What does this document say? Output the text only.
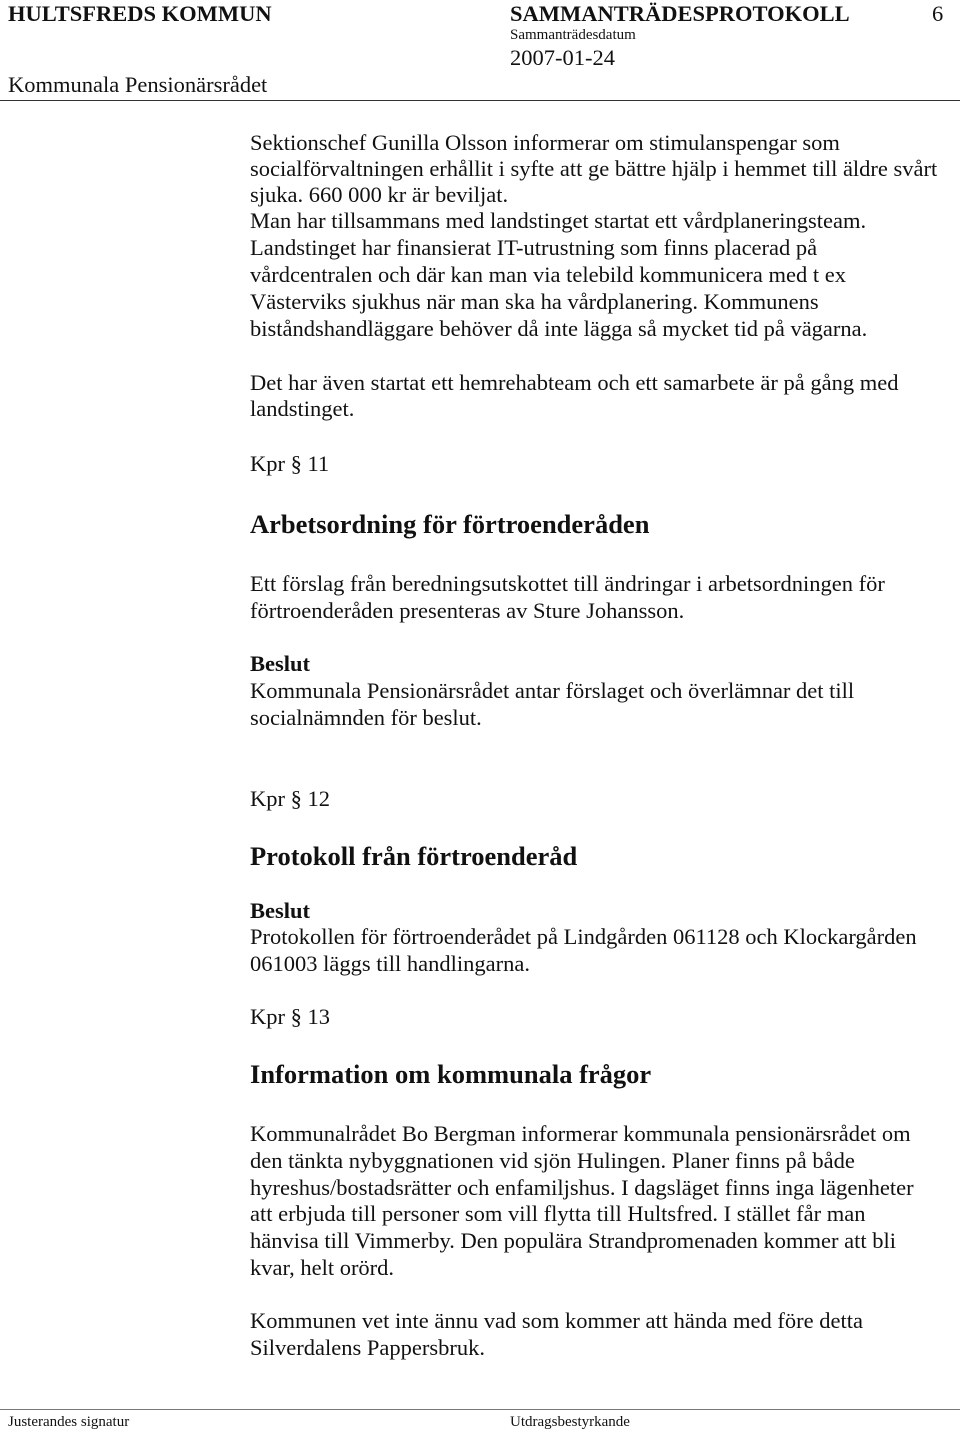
HULTSFREDS KOMMUN	SAMMANTRÄDESPROTOKOLL	6
Sammanträdesdatum
2007-01-24
Kommunala Pensionärsrådet
Sektionschef Gunilla Olsson informerar om stimulanspengar som
socialförvaltningen erhållit i syfte att ge bättre hjälp i hemmet till äldre svårt
sjuka. 660 000 kr är beviljat.
Man har tillsammans med landstinget startat ett vårdplaneringsteam.
Landstinget har finansierat IT-utrustning som finns placerad på
vårdcentralen och där kan man via telebild kommunicera med t ex
Västerviks sjukhus när man ska ha vårdplanering. Kommunens
biståndshandläggare behöver då inte lägga så mycket tid på vägarna.
Det har även startat ett hemrehabteam och ett samarbete är på gång med
landstinget.
Kpr § 11
Arbetsordning för förtroenderåden
Ett förslag från beredningsutskottet till ändringar i arbetsordningen för
förtroenderåden presenteras av Sture Johansson.
Beslut
Kommunala Pensionärsrådet antar förslaget och överlämnar det till
socialnämnden för beslut.
Kpr § 12
Protokoll från förtroenderåd
Beslut
Protokollen för förtroenderådet på Lindgården 061128 och Klockargården
061003 läggs till handlingarna.
Kpr § 13
Information om kommunala frågor
Kommunalrådet Bo Bergman informerar kommunala pensionärsrådet om
den tänkta nybyggnationen vid sjön Hulingen. Planer finns på både
hyreshus/bostadsrätter och enfamiljshus. I dagsläget finns inga lägenheter
att erbjuda till personer som vill flytta till Hultsfred. I stället får man
hänvisa till Vimmerby. Den populära Strandpromenaden kommer att bli
kvar, helt orörd.
Kommunen vet inte ännu vad som kommer att hända med före detta
Silverdalens Pappersbruk.
Justerandes signatur	Utdragsbestyrkande
